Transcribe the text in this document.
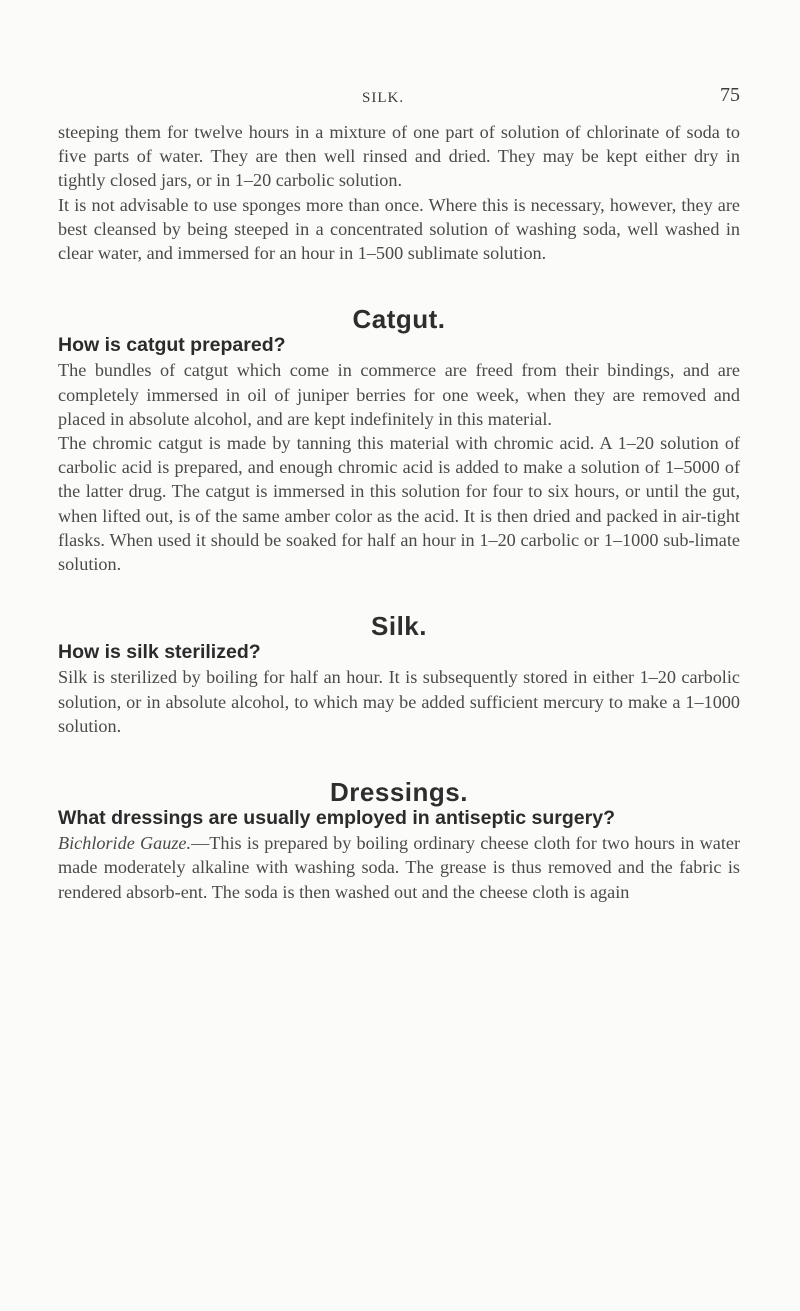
SILK.	75

steeping them for twelve hours in a mixture of one part of solution of chlorinate of soda to five parts of water. They are then well rinsed and dried. They may be kept either dry in tightly closed jars, or in 1–20 carbolic solution.

It is not advisable to use sponges more than once. Where this is necessary, however, they are best cleansed by being steeped in a concentrated solution of washing soda, well washed in clear water, and immersed for an hour in 1–500 sublimate solution.

Catgut.
How is catgut prepared?

The bundles of catgut which come in commerce are freed from their bindings, and are completely immersed in oil of juniper berries for one week, when they are removed and placed in absolute alcohol, and are kept indefinitely in this material.

The chromic catgut is made by tanning this material with chromic acid. A 1–20 solution of carbolic acid is prepared, and enough chromic acid is added to make a solution of 1–5000 of the latter drug. The catgut is immersed in this solution for four to six hours, or until the gut, when lifted out, is of the same amber color as the acid. It is then dried and packed in air-tight flasks. When used it should be soaked for half an hour in 1–20 carbolic or 1–1000 sub-limate solution.

Silk.
How is silk sterilized?

Silk is sterilized by boiling for half an hour. It is subsequently stored in either 1–20 carbolic solution, or in absolute alcohol, to which may be added sufficient mercury to make a 1–1000 solution.

Dressings.
What dressings are usually employed in antiseptic surgery?

Bichloride Gauze.—This is prepared by boiling ordinary cheese cloth for two hours in water made moderately alkaline with washing soda. The grease is thus removed and the fabric is rendered absorb-ent. The soda is then washed out and the cheese cloth is again
